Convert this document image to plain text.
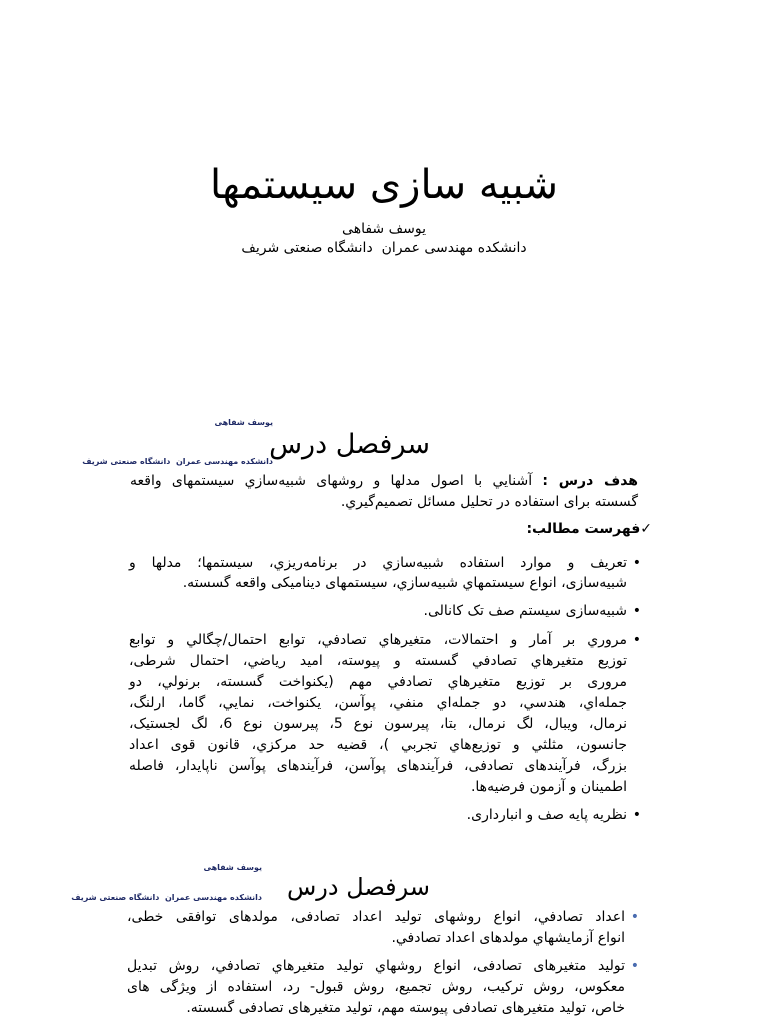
شبيه سازی سيستمها
يوسف شفاهی
دانشكده مهندسی عمران  دانشگاه صنعتی شريف

يوسف شفاهی

دانشكده مهندسی عمران  دانشگاه صنعتی شريف

سرفصل درس
هدف درس : آشنايي با اصول مدلها و روشهای شبيه‌سازي سيستمهای واقعه
گسسته برای استفاده در تحليل مسائل تصميم‌گيري.
✓فهرست مطالب:
•
تعريف و موارد استفاده شبيه‌سازي در برنامه‌ريزي، سيستمها؛ مدلها و
شبيه‌سازی، انواع سيستمهاي شبيه‌سازي، سيستمهای ديناميکی واقعه گسسته.
•
شبيه‌سازی سيستم صف تک کانالی.
•
مروري بر آمار و احتمالات، متغيرهاي تصادفي، توابع احتمال/چگالي و توابع
توزيع متغيرهاي تصادفي گسسته و پيوسته، اميد رياضي، احتمال شرطی،
مروری بر توزيع متغيرهاي تصادفي مهم (يکنواخت گسسته، برنولي، دو
جمله‌اي، هندسي، دو جمله‌اي منفي، پوآسن، يکنواخت، نمايي، گاما، ارلنگ،
نرمال، ويبال، لگ نرمال، بتا، پيرسون نوع 5، پيرسون نوع 6، لگ لجستيک،
جانسون، مثلثي و توزيع‌هاي تجربي )، قضيه حد مرکزي، قانون قوی اعداد
بزرگ، فرآيندهای تصادفی، فرآيندهای پوآسن، فرآيندهای پوآسن ناپايدار، فاصله
اطمينان و آزمون فرضيه‌ها.
•
نظريه پايه صف و انبارداری.

يوسف شفاهی

دانشكده مهندسی عمران  دانشگاه صنعتی شريف

سرفصل درس
•
اعداد تصادفي، انواع روشهای توليد اعداد تصادفی، مولدهای توافقی خطی،
انواع آزمايشهاي مولدهای اعداد تصادفي.
•
توليد متغيرهای تصادفی، انواع روشهاي توليد متغيرهاي تصادفي، روش تبديل
معكوس، روش تركيب، روش تجميع، روش قبول- رد، استفاده از ويژگی های
خاص، توليد متغيرهای تصادفی پيوسته مهم، توليد متغيرهای تصادفی گسسته.
